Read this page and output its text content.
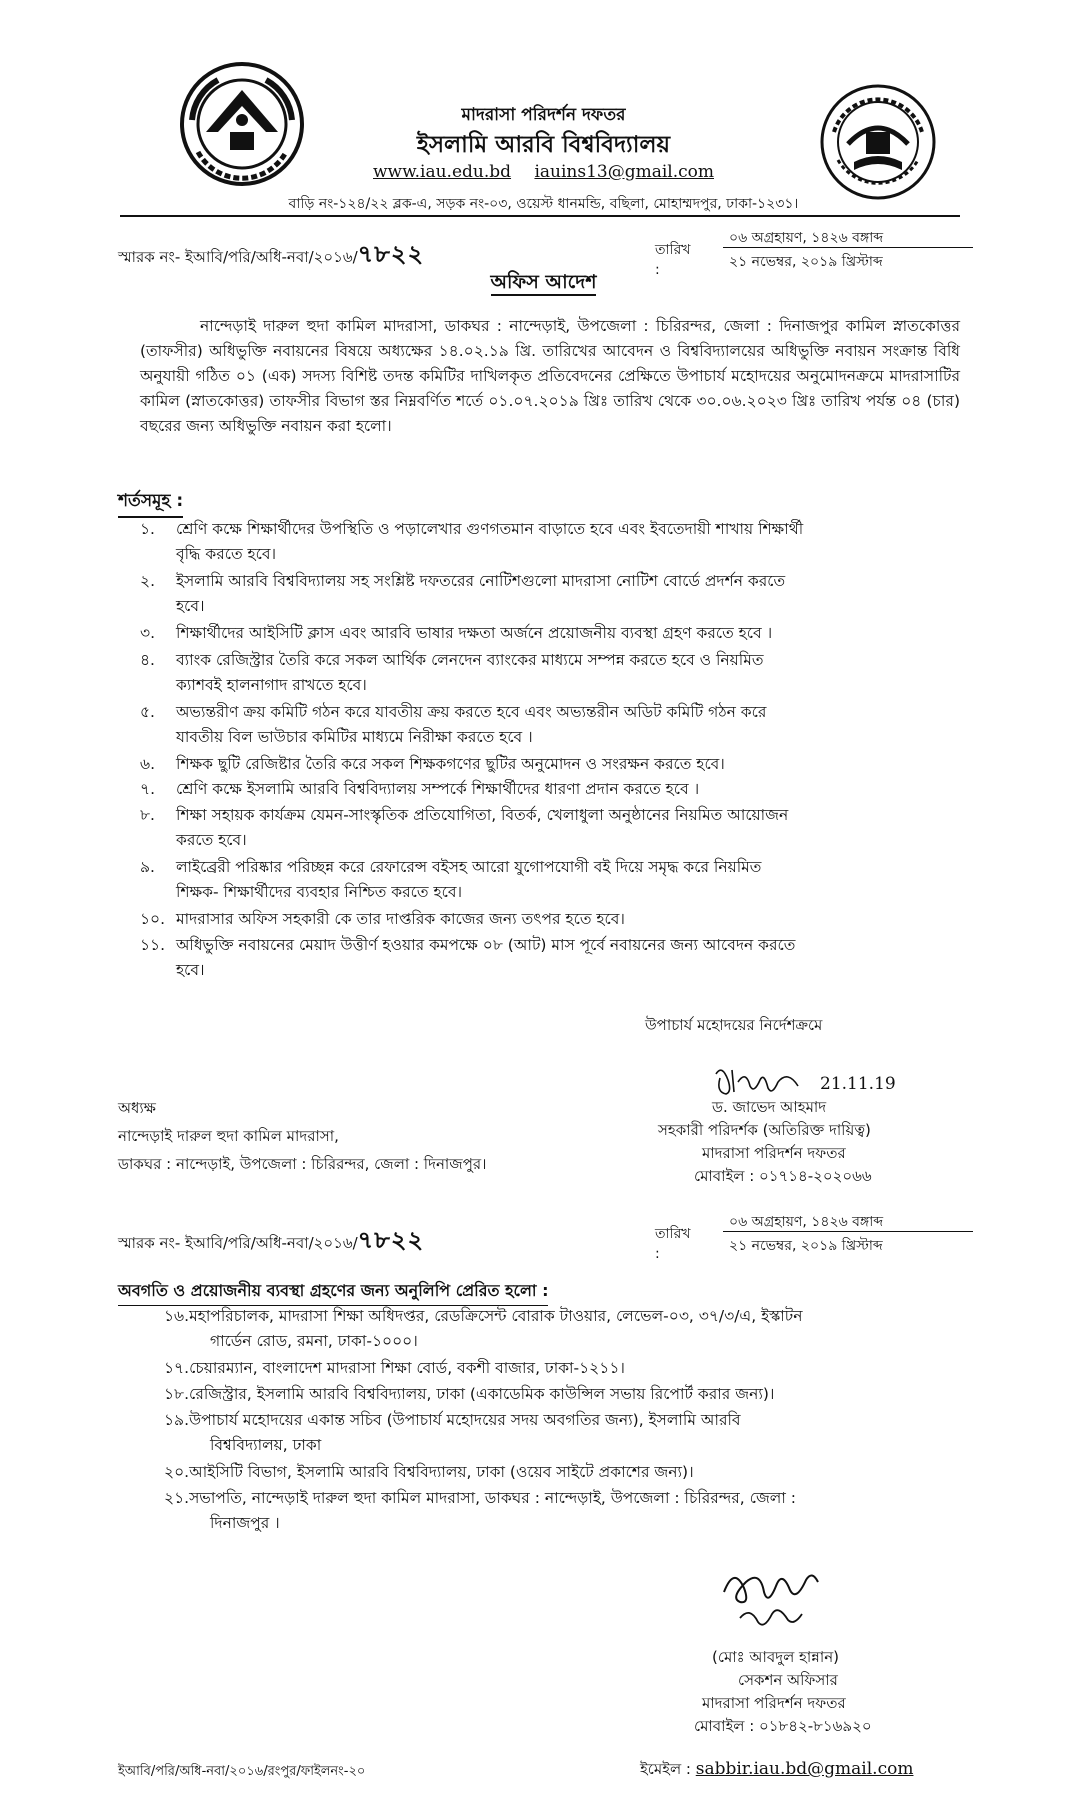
মাদরাসা পরিদর্শন দফতর
ইসলামি আরবি বিশ্ববিদ্যালয়
www.iau.edu.bd iauins13@gmail.com
বাড়ি নং-১২৪/২২ ব্লক-এ, সড়ক নং-০৩, ওয়েস্ট ধানমন্ডি, বছিলা, মোহাম্মদপুর, ঢাকা-১২৩১।
স্মারক নং- ইআবি/পরি/অধি-নবা/২০১৬/৭৮২২	তারিখ :
০৬ অগ্রহায়ণ, ১৪২৬ বঙ্গাব্দ
২১ নভেম্বর, ২০১৯ খ্রিস্টাব্দ
অফিস আদেশ
নান্দেড়াই দারুল হুদা কামিল মাদরাসা, ডাকঘর : নান্দেড়াই, উপজেলা : চিরিরন্দর, জেলা : দিনাজপুর কামিল স্নাতকোত্তর (তাফসীর) অধিভুক্তি নবায়নের বিষয়ে অধ্যক্ষের ১৪.০২.১৯ খ্রি. তারিখের আবেদন ও বিশ্ববিদ্যালয়ের অধিভুক্তি নবায়ন সংক্রান্ত বিধি অনুযায়ী গঠিত ০১ (এক) সদস্য বিশিষ্ট তদন্ত কমিটির দাখিলকৃত প্রতিবেদনের প্রেক্ষিতে উপাচার্য মহোদয়ের অনুমোদনক্রমে মাদরাসাটির কামিল (স্নাতকোত্তর) তাফসীর বিভাগ স্তর নিম্নবর্ণিত শর্তে ০১.০৭.২০১৯ খ্রিঃ তারিখ থেকে ৩০.০৬.২০২৩ খ্রিঃ তারিখ পর্যন্ত ০৪ (চার) বছরের জন্য অধিভুক্তি নবায়ন করা হলো।
শর্তসমূহ :
১. শ্রেণি কক্ষে শিক্ষার্থীদের উপস্থিতি ও পড়ালেখার গুণগতমান বাড়াতে হবে এবং ইবতেদায়ী শাখায় শিক্ষার্থী
বৃদ্ধি করতে হবে।
২. ইসলামি আরবি বিশ্ববিদ্যালয় সহ সংশ্লিষ্ট দফতরের নোটিশগুলো মাদরাসা নোটিশ বোর্ডে প্রদর্শন করতে
হবে।
৩. শিক্ষার্থীদের আইসিটি ক্লাস এবং আরবি ভাষার দক্ষতা অর্জনে প্রয়োজনীয় ব্যবস্থা গ্রহণ করতে হবে ।
৪. ব্যাংক রেজিস্ট্রার তৈরি করে সকল আর্থিক লেনদেন ব্যাংকের মাধ্যমে সম্পন্ন করতে হবে ও নিয়মিত
ক্যাশবই হালনাগাদ রাখতে হবে।
৫. অভ্যন্তরীণ ক্রয় কমিটি গঠন করে যাবতীয় ক্রয় করতে হবে এবং অভ্যন্তরীন অডিট কমিটি গঠন করে
যাবতীয় বিল ভাউচার কমিটির মাধ্যমে নিরীক্ষা করতে হবে ।
৬. শিক্ষক ছুটি রেজিষ্টার তৈরি করে সকল শিক্ষকগণের ছুটির অনুমোদন ও সংরক্ষন করতে হবে।
৭. শ্রেণি কক্ষে ইসলামি আরবি বিশ্ববিদ্যালয় সম্পর্কে শিক্ষার্থীদের ধারণা প্রদান করতে হবে ।
৮. শিক্ষা সহায়ক কার্যক্রম যেমন-সাংস্কৃতিক প্রতিযোগিতা, বিতর্ক, খেলাধুলা অনুষ্ঠানের নিয়মিত আয়োজন
করতে হবে।
৯. লাইব্রেরী পরিষ্কার পরিচ্ছন্ন করে রেফারেন্স বইসহ আরো যুগোপযোগী বই দিয়ে সমৃদ্ধ করে নিয়মিত
শিক্ষক- শিক্ষার্থীদের ব্যবহার নিশ্চিত করতে হবে।
১০. মাদরাসার অফিস সহকারী কে তার দাপ্তরিক কাজের জন্য তৎপর হতে হবে।
১১. অধিভুক্তি নবায়নের মেয়াদ উত্তীর্ণ হওয়ার কমপক্ষে ০৮ (আট) মাস পূর্বে নবায়নের জন্য আবেদন করতে
হবে।
উপাচার্য মহোদয়ের নির্দেশক্রমে
21.11.19
ড. জাভেদ আহমাদ
সহকারী পরিদর্শক (অতিরিক্ত দায়িত্ব)
মাদরাসা পরিদর্শন দফতর
মোবাইল : ০১৭১৪-২০২০৬৬
অধ্যক্ষ
নান্দেড়াই দারুল হুদা কামিল মাদরাসা,
ডাকঘর : নান্দেড়াই, উপজেলা : চিরিরন্দর, জেলা : দিনাজপুর।
স্মারক নং- ইআবি/পরি/অধি-নবা/২০১৬/৭৮২২	তারিখ :
০৬ অগ্রহায়ণ, ১৪২৬ বঙ্গাব্দ
২১ নভেম্বর, ২০১৯ খ্রিস্টাব্দ
অবগতি ও প্রয়োজনীয় ব্যবস্থা গ্রহণের জন্য অনুলিপি প্রেরিত হলো :
১৬.মহাপরিচালক, মাদরাসা শিক্ষা অধিদপ্তর, রেডক্রিসেন্ট বোরাক টাওয়ার, লেভেল-০৩, ৩৭/৩/এ, ইস্কাটন
গার্ডেন রোড, রমনা, ঢাকা-১০০০।
১৭.চেয়ারম্যান, বাংলাদেশ মাদরাসা শিক্ষা বোর্ড, বকশী বাজার, ঢাকা-১২১১।
১৮.রেজিস্ট্রার, ইসলামি আরবি বিশ্ববিদ্যালয়, ঢাকা (একাডেমিক কাউন্সিল সভায় রিপোর্ট করার জন্য)।
১৯.উপাচার্য মহোদয়ের একান্ত সচিব (উপাচার্য মহোদয়ের সদয় অবগতির জন্য), ইসলামি আরবি
বিশ্ববিদ্যালয়, ঢাকা
২০.আইসিটি বিভাগ, ইসলামি আরবি বিশ্ববিদ্যালয়, ঢাকা (ওয়েব সাইটে প্রকাশের জন্য)।
২১.সভাপতি, নান্দেড়াই দারুল হুদা কামিল মাদরাসা, ডাকঘর : নান্দেড়াই, উপজেলা : চিরিরন্দর, জেলা :
দিনাজপুর ।
(মোঃ আবদুল হান্নান)
সেকশন অফিসার
মাদরাসা পরিদর্শন দফতর
মোবাইল : ০১৮৪২-৮১৬৯২০
ইমেইল : sabbir.iau.bd@gmail.com
ইআবি/পরি/অধি-নবা/২০১৬/রংপুর/ফাইলনং-২০
